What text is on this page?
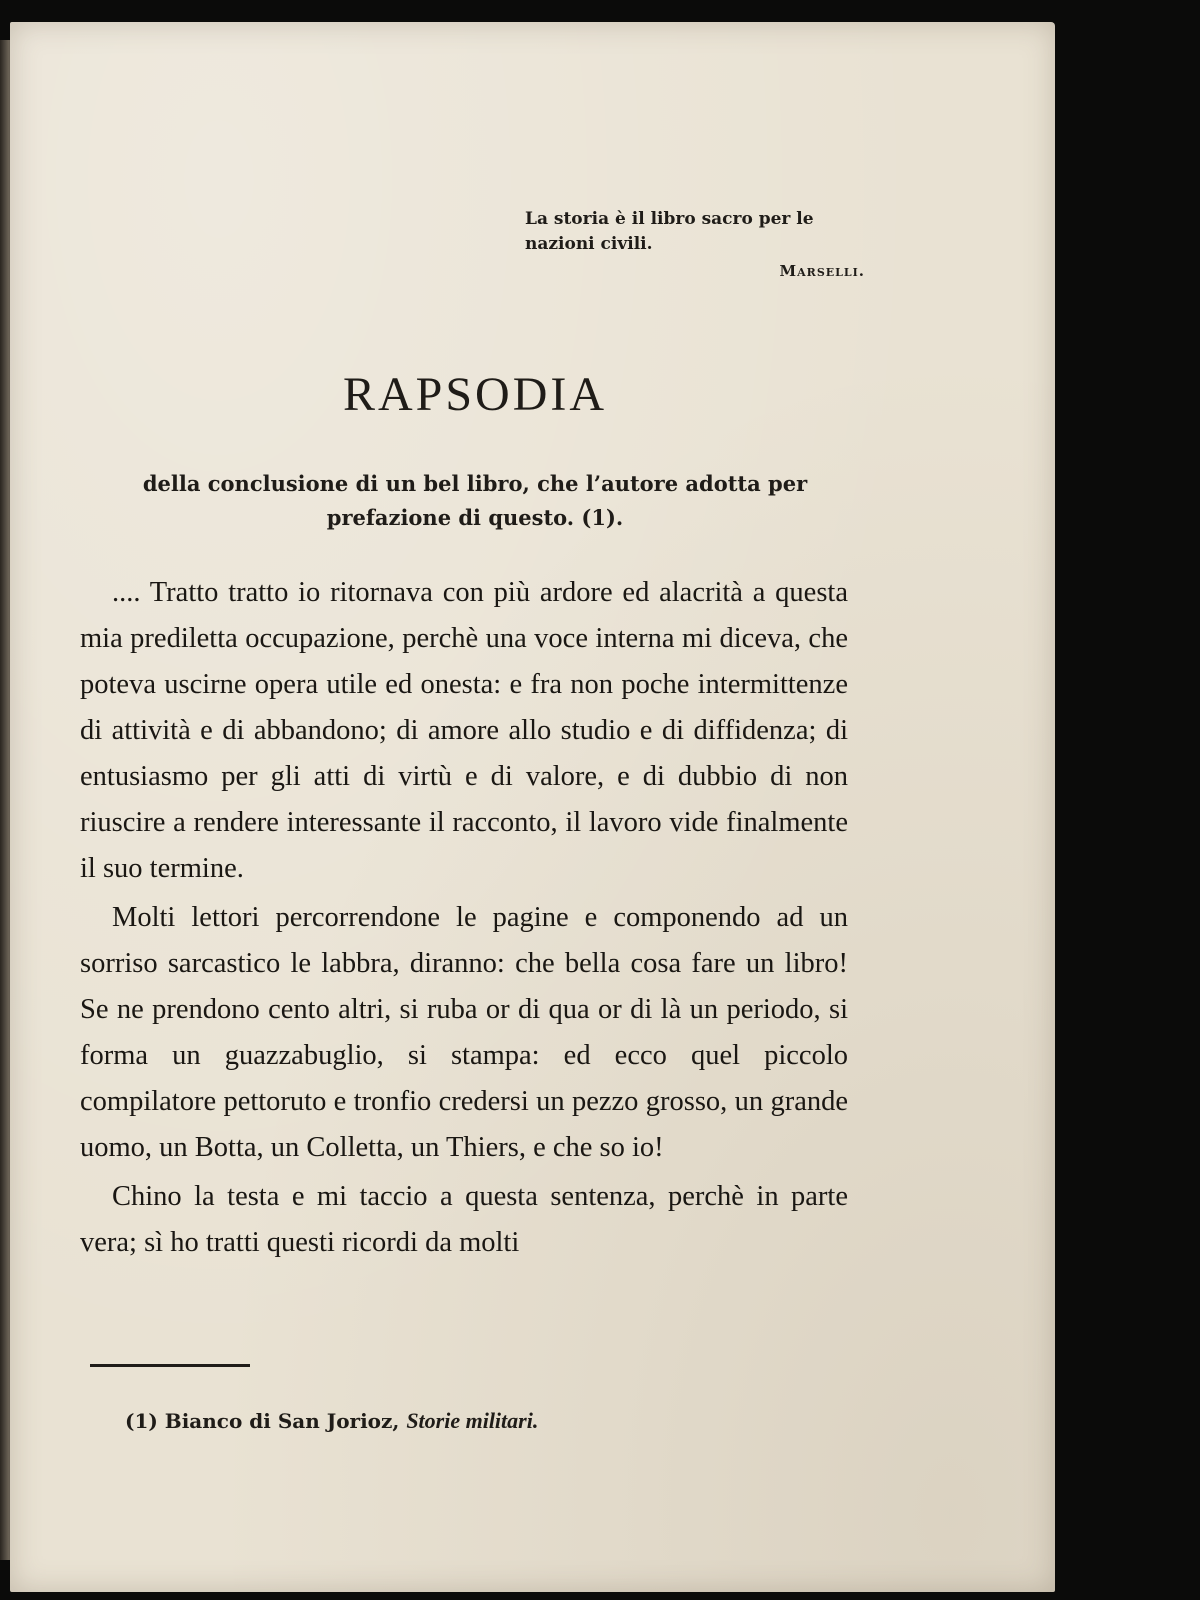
La storia è il libro sacro per le
nazioni civili.
Marselli.
RAPSODIA
della conclusione di un bel libro, che l’autore adotta per prefazione di questo. (1).

.... Tratto tratto io ritornava con più ardore ed alacrità a questa mia prediletta occupazione, perchè una voce interna mi diceva, che poteva uscirne opera utile ed onesta: e fra non poche intermittenze di attività e di abbandono; di amore allo studio e di diffidenza; di entusiasmo per gli atti di virtù e di valore, e di dubbio di non riuscire a rendere interessante il racconto, il lavoro vide finalmente il suo termine.

Molti lettori percorrendone le pagine e componendo ad un sorriso sarcastico le labbra, diranno: che bella cosa fare un libro! Se ne prendono cento altri, si ruba or di qua or di là un periodo, si forma un guazzabuglio, si stampa: ed ecco quel piccolo compilatore pettoruto e tronfio credersi un pezzo grosso, un grande uomo, un Botta, un Colletta, un Thiers, e che so io!

Chino la testa e mi taccio a questa sentenza, perchè in parte vera; sì ho tratti questi ricordi da molti

(1) Bianco di San Jorioz, Storie militari.
